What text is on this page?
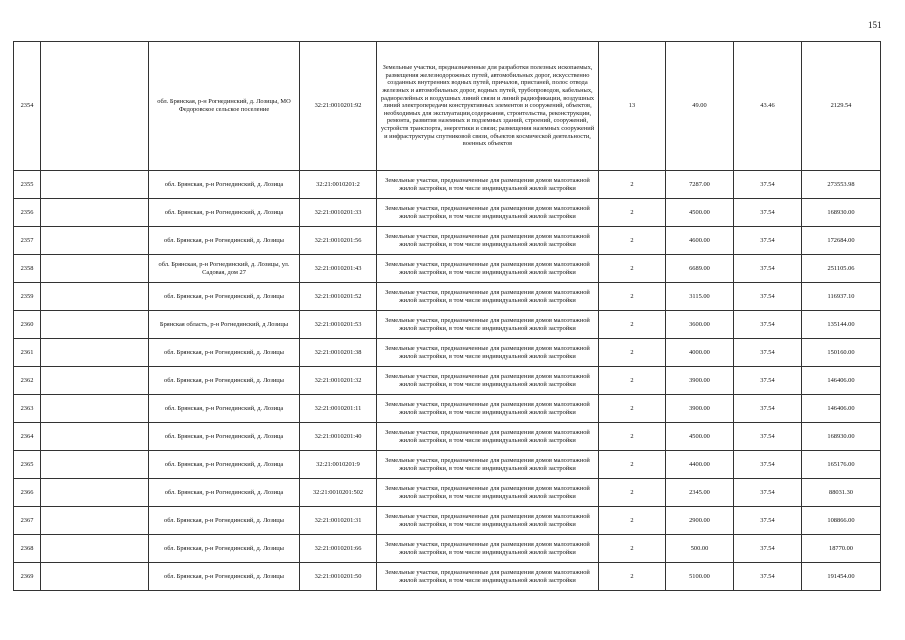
151
2354		обл. Брянская, р-н Рогнединский, д. Лозицы, МО Федоровское сельское поселение	32:21:0010201:92	Земельные участки, предназначенные для разработки полезных ископаемых, размещения железнодорожных путей, автомобильных дорог, искусственно созданных внутренних водных путей, причалов, пристаней, полос отвода железных и автомобильных дорог, водных путей, трубопроводов, кабельных, радиорелейных и воздушных линий связи и линий радиофикации, воздушных линий электропередачи конструктивных элементов и сооружений, объектов, необходимых для эксплуатации,содержания, строительства, реконструкции, ремонта, развития наземных и подземных зданий, строений, сооружений, устройств транспорта, энергетики и связи; размещения наземных сооружений и инфраструктуры спутниковой связи, объектов космической деятельности, военных объектов	13	49.00	43.46	2129.54
2355		обл. Брянская, р-н Рогнединский, д. Лозица	32:21:0010201:2	Земельные участки, предназначенные для размещения домов малоэтажной жилой застройки, в том числе индивидуальной жилой застройки	2	7287.00	37.54	273553.98
2356		обл. Брянская, р-н Рогнединский, д. Лозица	32:21:0010201:33	Земельные участки, предназначенные для размещения домов малоэтажной жилой застройки, в том числе индивидуальной жилой застройки	2	4500.00	37.54	168930.00
2357		обл. Брянская, р-н Рогнединский, д. Лозицы	32:21:0010201:56	Земельные участки, предназначенные для размещения домов малоэтажной жилой застройки, в том числе индивидуальной жилой застройки	2	4600.00	37.54	172684.00
2358		обл. Брянская, р-н Рогнединский, д. Лозицы, ул. Садовая, дом 27	32:21:0010201:43	Земельные участки, предназначенные для размещения домов малоэтажной жилой застройки, в том числе индивидуальной жилой застройки	2	6689.00	37.54	251105.06
2359		обл. Брянская, р-н Рогнединский, д. Лозицы	32:21:0010201:52	Земельные участки, предназначенные для размещения домов малоэтажной жилой застройки, в том числе индивидуальной жилой застройки	2	3115.00	37.54	116937.10
2360		Брянская область, р-н Рогнединский, д Лозицы	32:21:0010201:53	Земельные участки, предназначенные для размещения домов малоэтажной жилой застройки, в том числе индивидуальной жилой застройки	2	3600.00	37.54	135144.00
2361		обл. Брянская, р-н Рогнединский, д. Лозицы	32:21:0010201:38	Земельные участки, предназначенные для размещения домов малоэтажной жилой застройки, в том числе индивидуальной жилой застройки	2	4000.00	37.54	150160.00
2362		обл. Брянская, р-н Рогнединский, д. Лозицы	32:21:0010201:32	Земельные участки, предназначенные для размещения домов малоэтажной жилой застройки, в том числе индивидуальной жилой застройки	2	3900.00	37.54	146406.00
2363		обл. Брянская, р-н Рогнединский, д. Лозица	32:21:0010201:11	Земельные участки, предназначенные для размещения домов малоэтажной жилой застройки, в том числе индивидуальной жилой застройки	2	3900.00	37.54	146406.00
2364		обл. Брянская, р-н Рогнединский, д. Лозица	32:21:0010201:40	Земельные участки, предназначенные для размещения домов малоэтажной жилой застройки, в том числе индивидуальной жилой застройки	2	4500.00	37.54	168930.00
2365		обл. Брянская, р-н Рогнединский, д. Лозица	32:21:0010201:9	Земельные участки, предназначенные для размещения домов малоэтажной жилой застройки, в том числе индивидуальной жилой застройки	2	4400.00	37.54	165176.00
2366		обл. Брянская, р-н Рогнединский, д. Лозица	32:21:0010201:502	Земельные участки, предназначенные для размещения домов малоэтажной жилой застройки, в том числе индивидуальной жилой застройки	2	2345.00	37.54	88031.30
2367		обл. Брянская, р-н Рогнединский, д. Лозицы	32:21:0010201:31	Земельные участки, предназначенные для размещения домов малоэтажной жилой застройки, в том числе индивидуальной жилой застройки	2	2900.00	37.54	108866.00
2368		обл. Брянская, р-н Рогнединский, д. Лозицы	32:21:0010201:66	Земельные участки, предназначенные для размещения домов малоэтажной жилой застройки, в том числе индивидуальной жилой застройки	2	500.00	37.54	18770.00
2369		обл. Брянская, р-н Рогнединский, д. Лозицы	32:21:0010201:50	Земельные участки, предназначенные для размещения домов малоэтажной жилой застройки, в том числе индивидуальной жилой застройки	2	5100.00	37.54	191454.00
